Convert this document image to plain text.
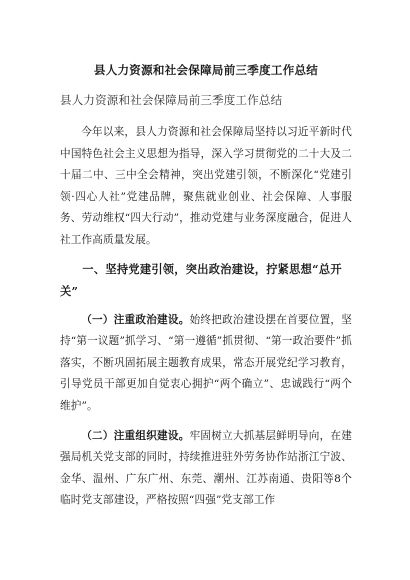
县人力资源和社会保障局前三季度工作总结
县人力资源和社会保障局前三季度工作总结

今年以来，县人力资源和社会保障局坚持以习近平新时代中国特色社会主义思想为指导，深入学习贯彻党的二十大及二十届二中、三中全会精神，突出党建引领，不断深化“党建引领·四心人社”党建品牌，聚焦就业创业、社会保障、人事服务、劳动维权“四大行动”，推动党建与业务深度融合，促进人社工作高质量发展。

一、坚持党建引领，突出政治建设，拧紧思想“总开关”

（一）注重政治建设。始终把政治建设摆在首要位置，坚持“第一议题”抓学习、“第一遵循”抓贯彻、“第一政治要件”抓落实，不断巩固拓展主题教育成果，常态开展党纪学习教育，引导党员干部更加自觉衷心拥护“两个确立”、忠诚践行“两个维护”。

（二）注重组织建设。牢固树立大抓基层鲜明导向，在建强局机关党支部的同时，持续推进驻外劳务协作站浙江宁波、金华、温州、广东广州、东莞、潮州、江苏南通、贵阳等8个临时党支部建设，严格按照“四强”党支部工作
